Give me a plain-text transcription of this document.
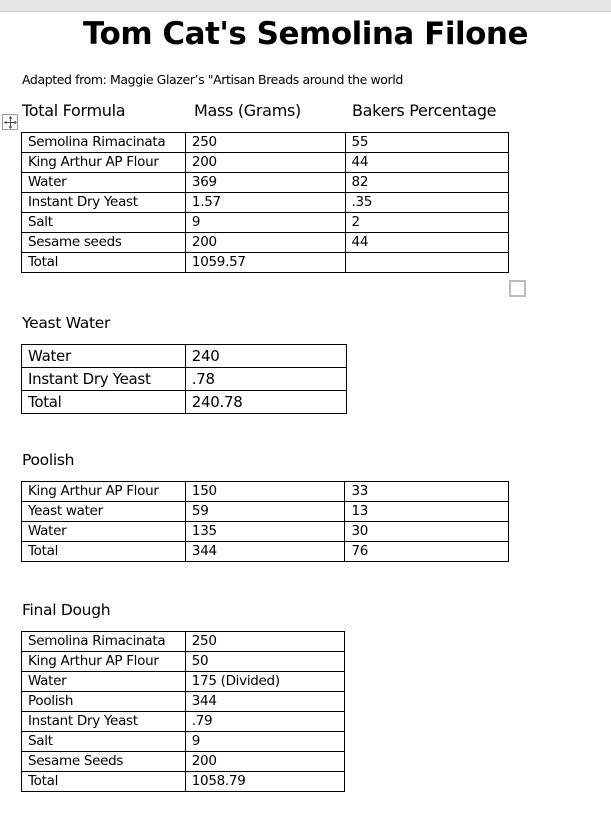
Tom Cat's Semolina Filone
Adapted from: Maggie Glazer’s "Artisan Breads around the world
Total Formula	Mass (Grams)	Bakers Percentage
Semolina Rimacinata	250	55
King Arthur AP Flour	200	44
Water	369	82
Instant Dry Yeast	1.57	.35
Salt	9	2
Sesame seeds	200	44
Total	1059.57	
Yeast Water
Water	240
Instant Dry Yeast	.78
Total	240.78
Poolish
King Arthur AP Flour	150	33
Yeast water	59	13
Water	135	30
Total	344	76
Final Dough
Semolina Rimacinata	250
King Arthur AP Flour	50
Water	175 (Divided)
Poolish	344
Instant Dry Yeast	.79
Salt	9
Sesame Seeds	200
Total	1058.79
